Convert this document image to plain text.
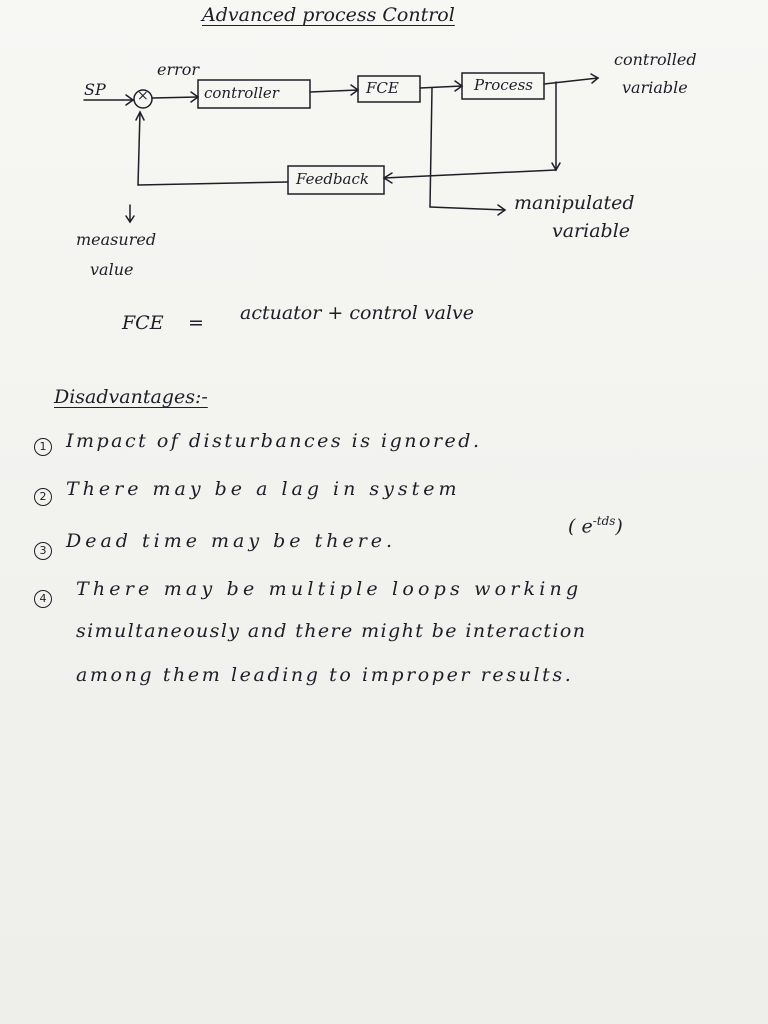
Advanced process Control
SP
error
×	controller	FCE	Process
controlled
variable
Feedback
manipulated
variable
measured
value
FCE = actuator + control valve
Disadvantages:-
1 Impact of disturbances is ignored.
2 There may be a lag in system
3 Dead time may be there.
( $e^{-tds}$)
4 There may be multiple loops working
simultaneously and there might be interaction
among them leading to improper results.
